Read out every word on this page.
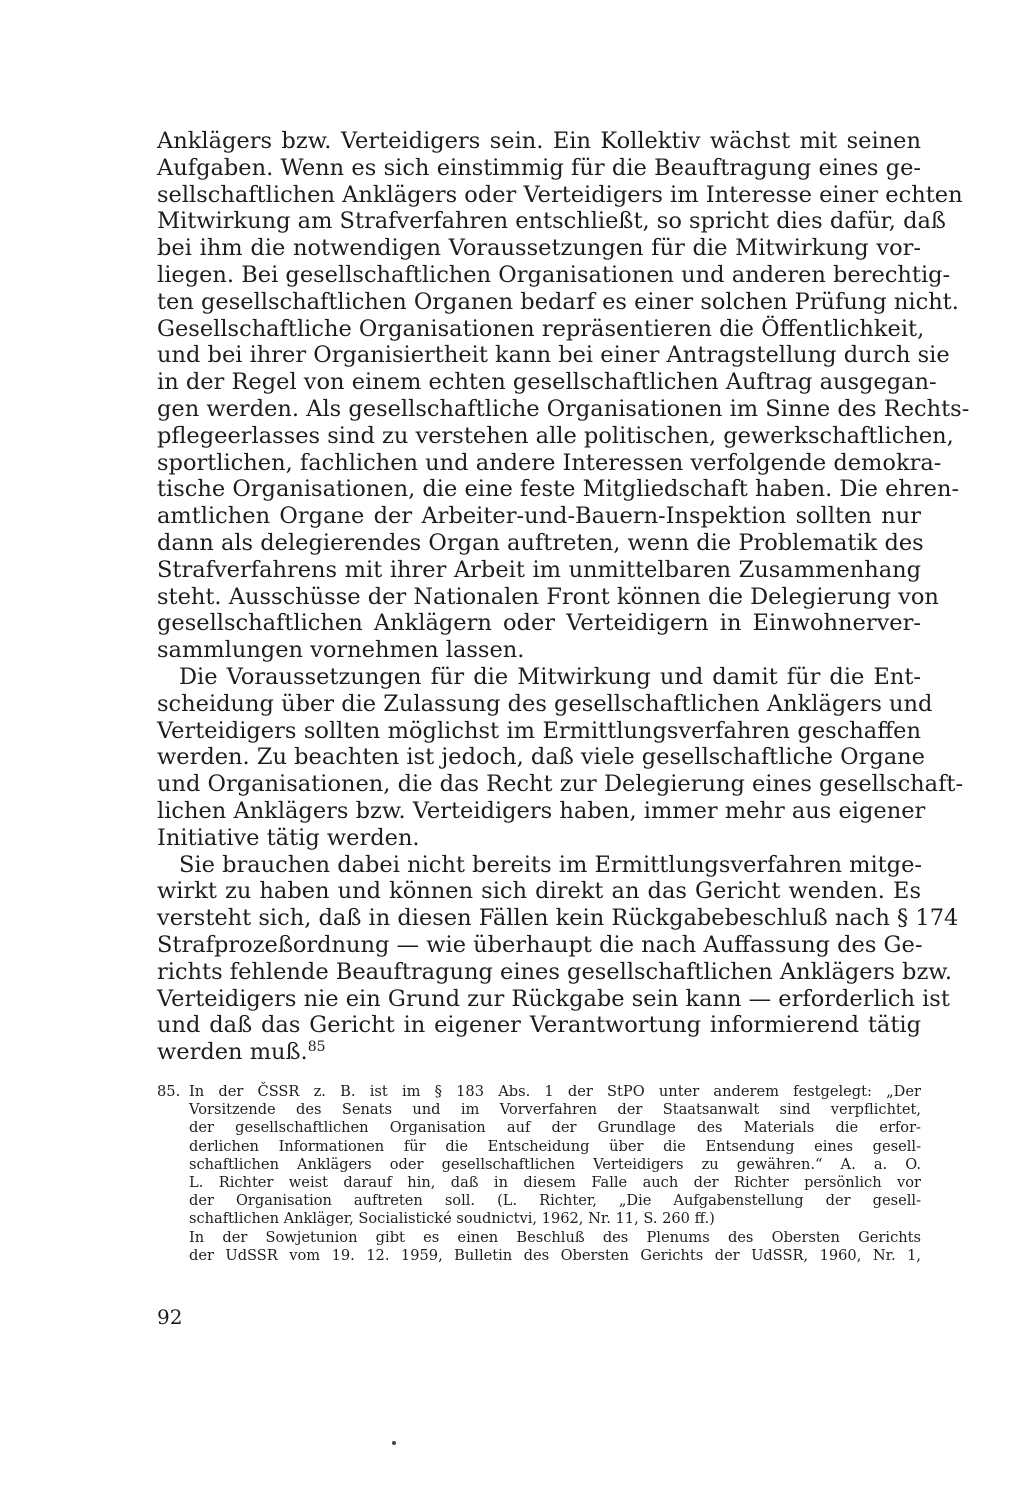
Anklägers bzw. Verteidigers sein. Ein Kollektiv wächst mit seinen
Aufgaben. Wenn es sich einstimmig für die Beauftragung eines ge-
sellschaftlichen Anklägers oder Verteidigers im Interesse einer echten
Mitwirkung am Strafverfahren entschließt, so spricht dies dafür, daß
bei ihm die notwendigen Voraussetzungen für die Mitwirkung vor-
liegen. Bei gesellschaftlichen Organisationen und anderen berechtig-
ten gesellschaftlichen Organen bedarf es einer solchen Prüfung nicht.
Gesellschaftliche Organisationen repräsentieren die Öffentlichkeit,
und bei ihrer Organisiertheit kann bei einer Antragstellung durch sie
in der Regel von einem echten gesellschaftlichen Auftrag ausgegan-
gen werden. Als gesellschaftliche Organisationen im Sinne des Rechts-
pflegeerlasses sind zu verstehen alle politischen, gewerkschaftlichen,
sportlichen, fachlichen und andere Interessen verfolgende demokra-
tische Organisationen, die eine feste Mitgliedschaft haben. Die ehren-
amtlichen Organe der Arbeiter-und-Bauern-Inspektion sollten nur
dann als delegierendes Organ auftreten, wenn die Problematik des
Strafverfahrens mit ihrer Arbeit im unmittelbaren Zusammenhang
steht. Ausschüsse der Nationalen Front können die Delegierung von
gesellschaftlichen Anklägern oder Verteidigern in Einwohnerver-
sammlungen vornehmen lassen.
Die Voraussetzungen für die Mitwirkung und damit für die Ent-
scheidung über die Zulassung des gesellschaftlichen Anklägers und
Verteidigers sollten möglichst im Ermittlungsverfahren geschaffen
werden. Zu beachten ist jedoch, daß viele gesellschaftliche Organe
und Organisationen, die das Recht zur Delegierung eines gesellschaft-
lichen Anklägers bzw. Verteidigers haben, immer mehr aus eigener
Initiative tätig werden.
Sie brauchen dabei nicht bereits im Ermittlungsverfahren mitge-
wirkt zu haben und können sich direkt an das Gericht wenden. Es
versteht sich, daß in diesen Fällen kein Rückgabebeschluß nach § 174
Strafprozeßordnung — wie überhaupt die nach Auffassung des Ge-
richts fehlende Beauftragung eines gesellschaftlichen Anklägers bzw.
Verteidigers nie ein Grund zur Rückgabe sein kann — erforderlich ist
und daß das Gericht in eigener Verantwortung informierend tätig
werden muß.$^{85}$
85. In der ČSSR z. B. ist im § 183 Abs. 1 der StPO unter anderem festgelegt: „Der
Vorsitzende des Senats und im Vorverfahren der Staatsanwalt sind verpflichtet,
der gesellschaftlichen Organisation auf der Grundlage des Materials die erfor-
derlichen Informationen für die Entscheidung über die Entsendung eines gesell-
schaftlichen Anklägers oder gesellschaftlichen Verteidigers zu gewähren.“ A. a. O.
L. Richter weist darauf hin, daß in diesem Falle auch der Richter persönlich vor
der Organisation auftreten soll. (L. Richter, „Die Aufgabenstellung der gesell-
schaftlichen Ankläger, Socialistické soudnictvi, 1962, Nr. 11, S. 260 ff.)
In der Sowjetunion gibt es einen Beschluß des Plenums des Obersten Gerichts
der UdSSR vom 19. 12. 1959, Bulletin des Obersten Gerichts der UdSSR, 1960, Nr. 1,
92
